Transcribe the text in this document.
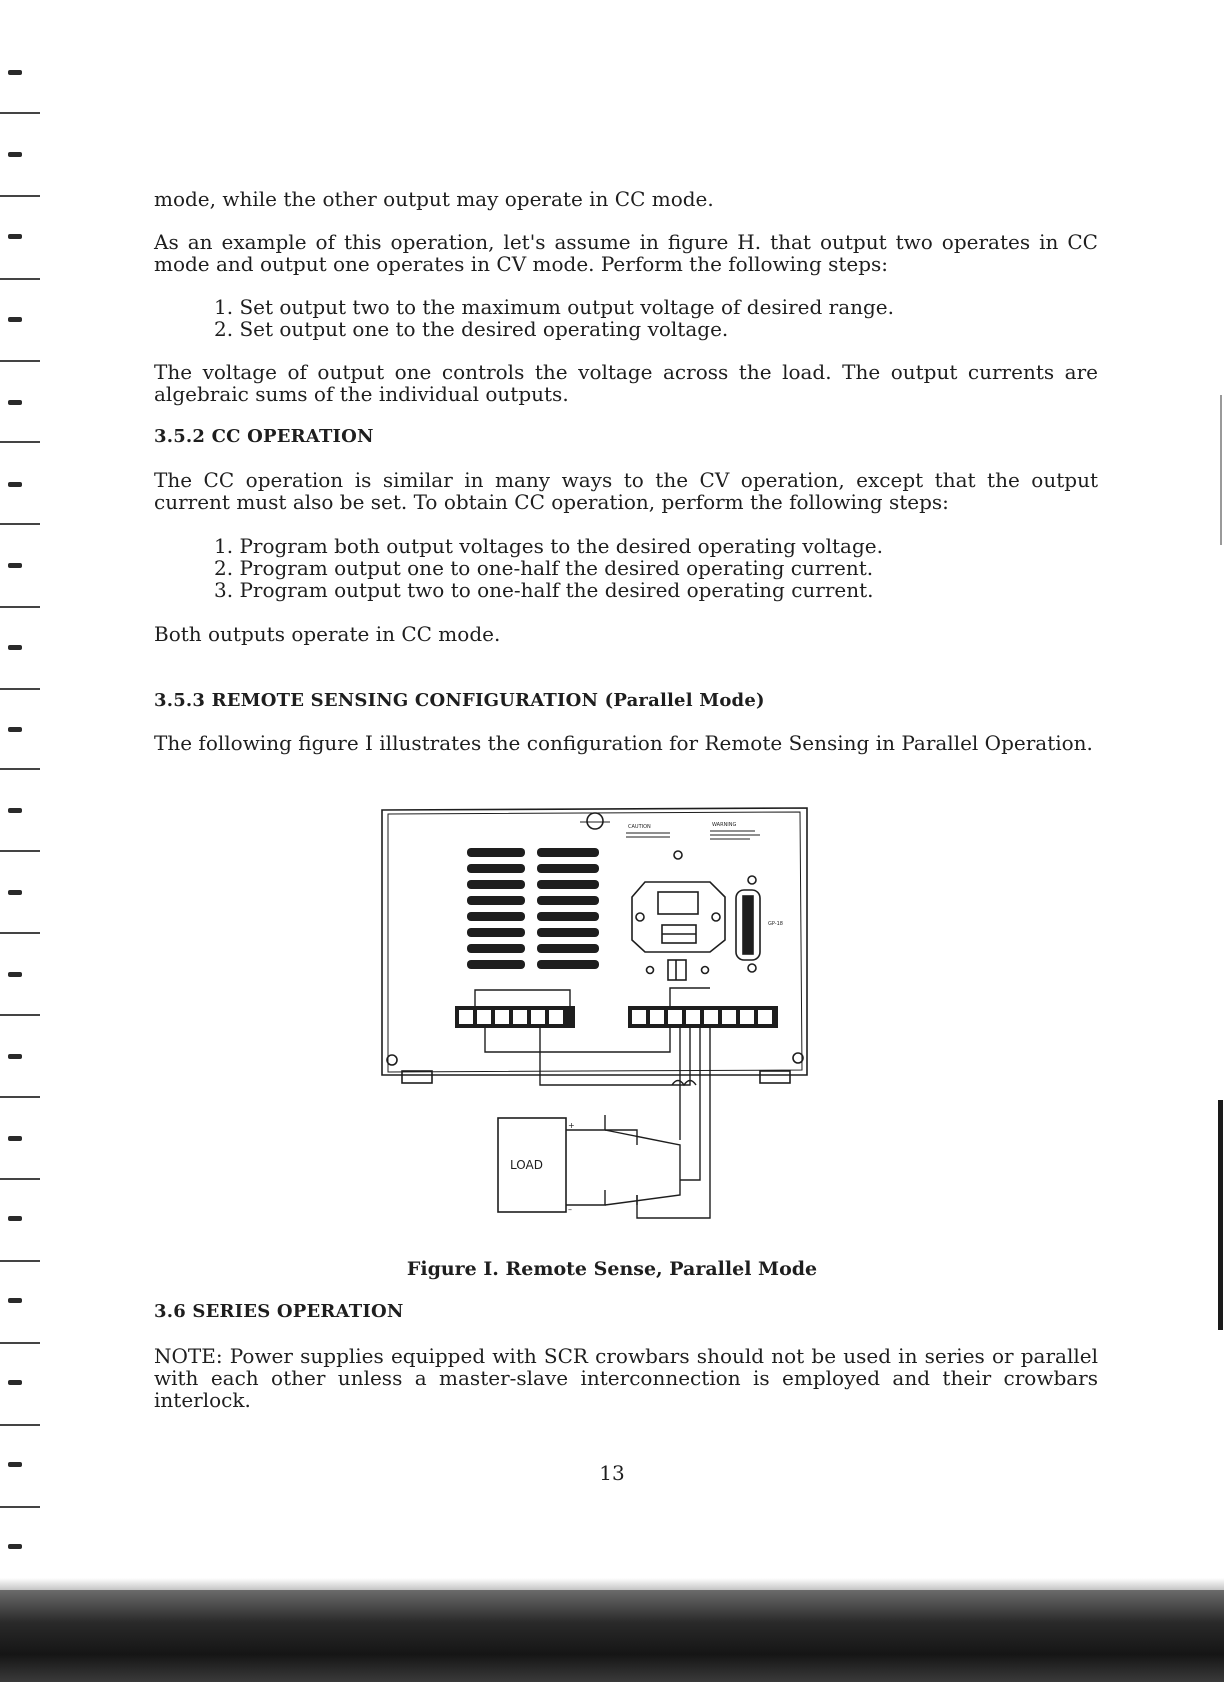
mode, while the other output may operate in CC mode.

As an example of this operation, let's assume in figure H. that output two operates in CC mode and output one operates in CV mode. Perform the following steps:

1. Set output two to the maximum output voltage of desired range.
2. Set output one to the desired operating voltage.

The voltage of output one controls the voltage across the load. The output currents are algebraic sums of the individual outputs.

3.5.2 CC OPERATION

The CC operation is similar in many ways to the CV operation, except that the output current must also be set. To obtain CC operation, perform the following steps:

1. Program both output voltages to the desired operating voltage.
2. Program output one to one-half the desired operating current.
3. Program output two to one-half the desired operating current.

Both outputs operate in CC mode.

3.5.3 REMOTE SENSING CONFIGURATION (Parallel Mode)

The following figure I illustrates the configuration for Remote Sensing in Parallel Operation.

CAUTION	WARNING
GP-18
LOAD
+
–
Figure I. Remote Sense, Parallel Mode
3.6 SERIES OPERATION

NOTE: Power supplies equipped with SCR crowbars should not be used in series or parallel with each other unless a master-slave interconnection is employed and their crowbars interlock.

13
